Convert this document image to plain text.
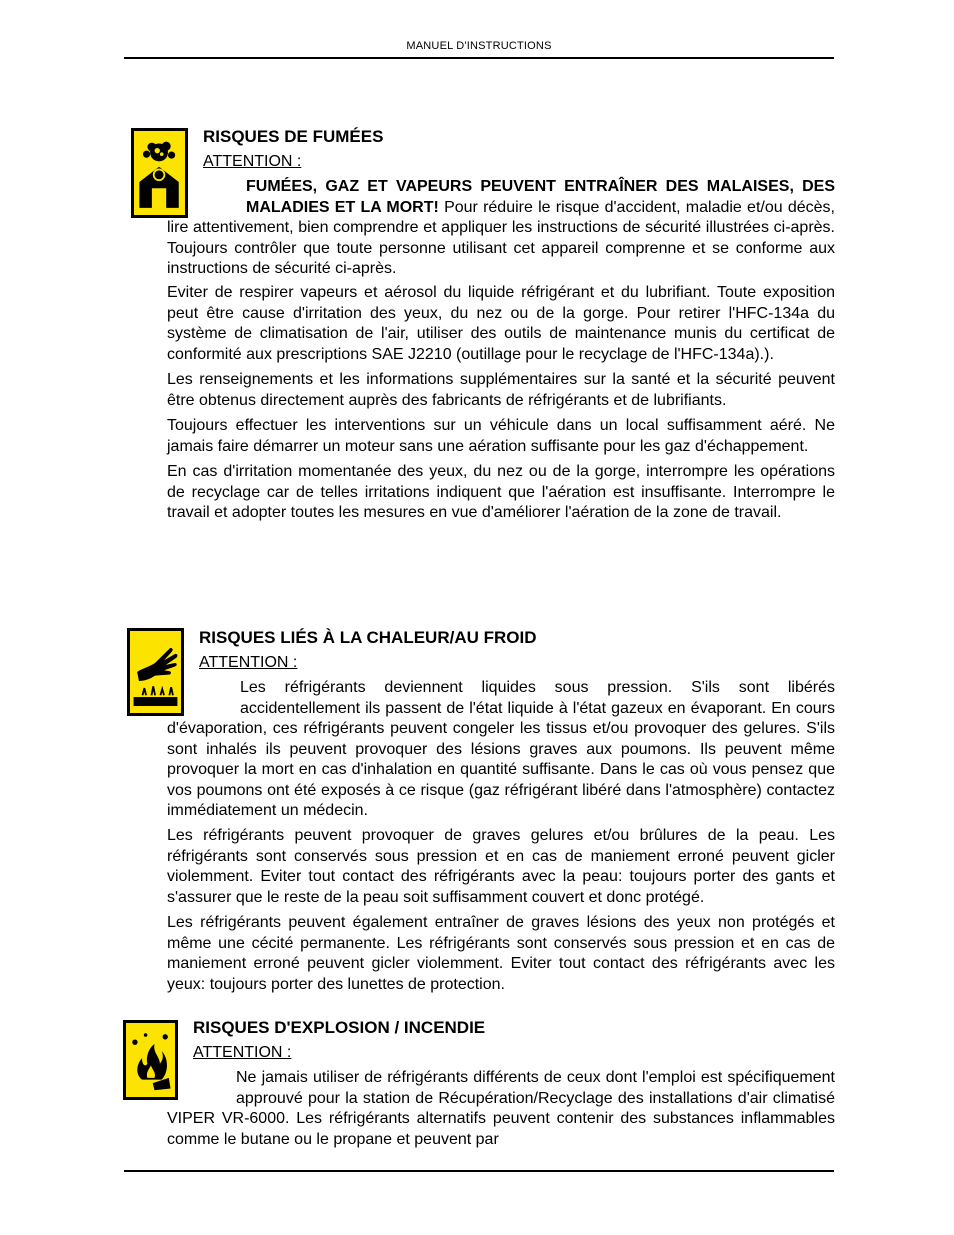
MANUEL D'INSTRUCTIONS
RISQUES DE FUMÉES
ATTENTION :

FUMÉES, GAZ ET VAPEURS PEUVENT ENTRAÎNER DES MALAISES, DES MALADIES ET LA MORT! Pour réduire le risque d'accident, maladie et/ou décès, lire attentivement, bien comprendre et appliquer les instructions de sécurité illustrées ci-après. Toujours contrôler que toute personne utilisant cet appareil comprenne et se conforme aux instructions de sécurité ci-après.

Eviter de respirer vapeurs et aérosol du liquide réfrigérant et du lubrifiant. Toute exposition peut être cause d'irritation des yeux, du nez ou de la gorge. Pour retirer l'HFC-134a du système de climatisation de l'air, utiliser des outils de maintenance munis du certificat de conformité aux prescriptions SAE J2210 (outillage pour le recyclage de l'HFC-134a).).

Les renseignements et les informations supplémentaires sur la santé et la sécurité peuvent être obtenus directement auprès des fabricants de réfrigérants et de lubrifiants.

Toujours effectuer les interventions sur un véhicule dans un local suffisamment aéré. Ne jamais faire démarrer un moteur sans une aération suffisante pour les gaz d'échappement.

En cas d'irritation momentanée des yeux, du nez ou de la gorge, interrompre les opérations de recyclage car de telles irritations indiquent que l'aération est insuffisante. Interrompre le travail et adopter toutes les mesures en vue d'améliorer l'aération de la zone de travail.

RISQUES LIÉS À LA CHALEUR/AU FROID
ATTENTION :

Les réfrigérants deviennent liquides sous pression. S'ils sont libérés accidentellement ils passent de l'état liquide à l'état gazeux en évaporant. En cours d'évaporation, ces réfrigérants peuvent congeler les tissus et/ou provoquer des gelures. S'ils sont inhalés ils peuvent provoquer des lésions graves aux poumons. Ils peuvent même provoquer la mort en cas d'inhalation en quantité suffisante. Dans le cas où vous pensez que vos poumons ont été exposés à ce risque (gaz réfrigérant libéré dans l'atmosphère) contactez immédiatement un médecin.

Les réfrigérants peuvent provoquer de graves gelures et/ou brûlures de la peau. Les réfrigérants sont conservés sous pression et en cas de maniement erroné peuvent gicler violemment. Eviter tout contact des réfrigérants avec la peau: toujours porter des gants et s'assurer que le reste de la peau soit suffisamment couvert et donc protégé.

Les réfrigérants peuvent également entraîner de graves lésions des yeux non protégés et même une cécité permanente. Les réfrigérants sont conservés sous pression et en cas de maniement erroné peuvent gicler violemment. Eviter tout contact des réfrigérants avec les yeux: toujours porter des lunettes de protection.

RISQUES D'EXPLOSION / INCENDIE
ATTENTION :

Ne jamais utiliser de réfrigérants différents de ceux dont l'emploi est spécifiquement approuvé pour la station de Récupération/Recyclage des installations d'air climatisé VIPER VR-6000. Les réfrigérants alternatifs peuvent contenir des substances inflammables comme le butane ou le propane et peuvent par
